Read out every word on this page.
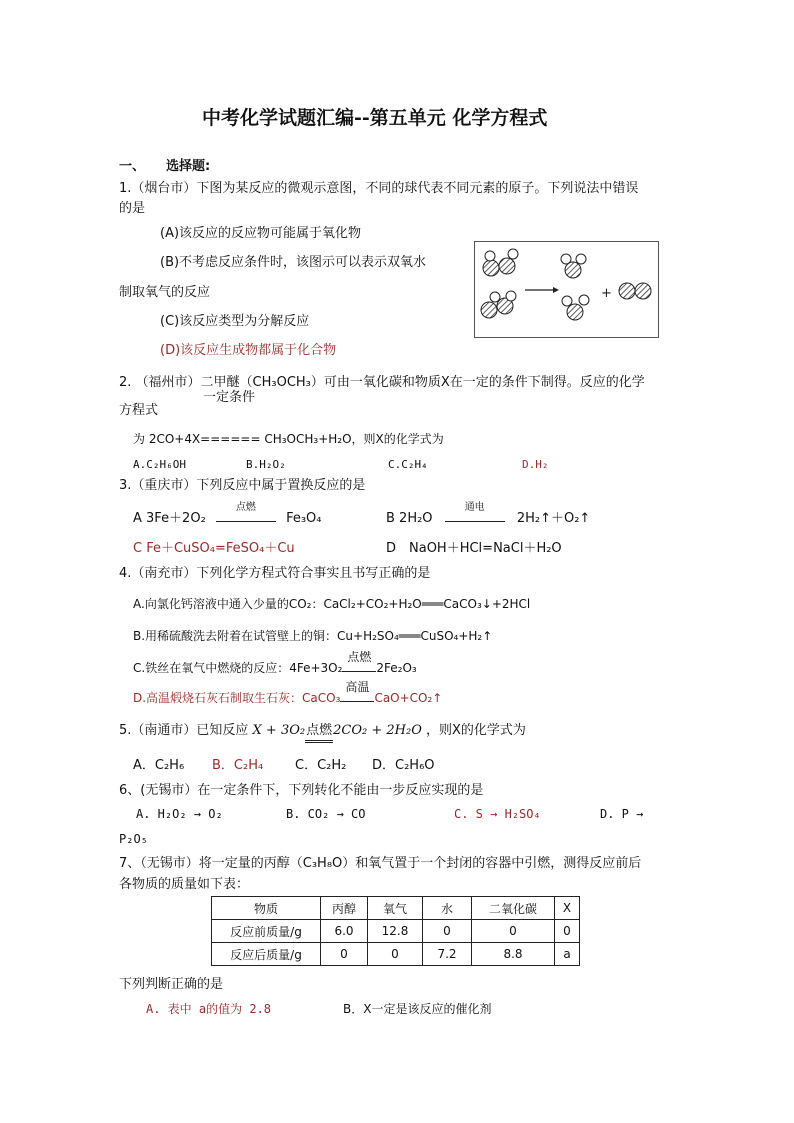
中考化学试题汇编--第五单元 化学方程式
一、 选择题:
1.（烟台市）下图为某反应的微观示意图，不同的球代表不同元素的原子。下列说法中错误
的是
(A)该反应的反应物可能属于氧化物
(B)不考虑反应条件时，该图示可以表示双氧水
制取氧气的反应
(C)该反应类型为分解反应
(D)该反应生成物都属于化合物
+
2. （福州市）二甲醚（CH₃OCH₃）可由一氧化碳和物质X在一定的条件下制得。反应的化学
一定条件
方程式
为 2CO+4X====== CH₃OCH₃+H₂O，则X的化学式为
A.C₂H₆OH	B.H₂O₂	C.C₂H₄	D.H₂
3.（重庆市）下列反应中属于置换反应的是
A 3Fe＋2O₂
点燃
Fe₃O₄	B 2H₂O
通电
2H₂↑＋O₂↑
C Fe＋CuSO₄=FeSO₄＋Cu	D　NaOH＋HCl=NaCl＋H₂O
4.（南充市）下列化学方程式符合事实且书写正确的是
A.向氯化钙溶液中通入少量的CO₂：CaCl₂+CO₂+H₂O═══CaCO₃↓+2HCl
B.用稀硫酸洗去附着在试管壁上的铜：Cu+H₂SO₄═══CuSO₄+H₂↑
C.铁丝在氧气中燃烧的反应：4Fe+3O₂
点燃
2Fe₂O₃
D.高温煅烧石灰石制取生石灰：CaCO₃
高温
CaO+CO₂↑
5.（南通市）已知反应 X + 3O₂点燃2CO₂ + 2H₂O ，则X的化学式为
A．C₂H₆ B．C₂H₄ C．C₂H₂ D．C₂H₆O
6、(无锡市）在一定条件下，下列转化不能由一步反应实现的是
A. H₂O₂ → O₂	B. CO₂ → CO	C. S → H₂SO₄	D. P →
P₂O₅
7、（无锡市）将一定量的丙醇（C₃H₈O）和氧气置于一个封闭的容器中引燃，测得反应前后
各物质的质量如下表：
物质	丙醇	氧气	水	二氧化碳	X
反应前质量/g	6.0	12.8	0	0	0
反应后质量/g	0	0	7.2	8.8	a
下列判断正确的是
A. 表中 a的值为 2.8	B．X一定是该反应的催化剂
